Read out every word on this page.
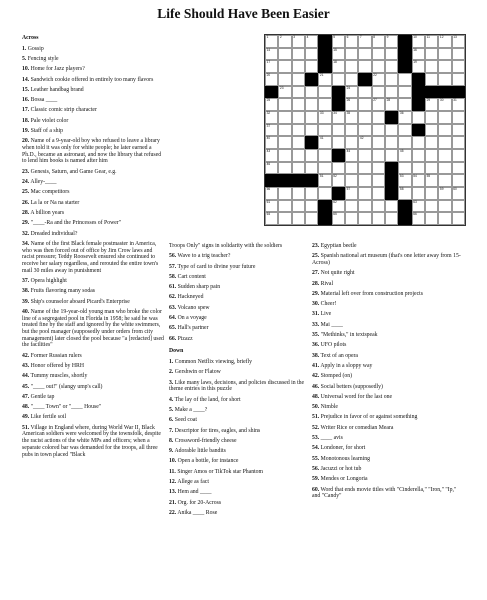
Life Should Have Been Easier
1	2	3	4	5	6	7	8	9	10	11	12	13
14	15	16
17	18	19
20	21	22
23	24
25	26	27	28	29	30	31
32	33	34	35	36
37
40	41	42
43	44	45
46
51	52	53	54	55
56	57	58	59	60
61	62	63
64	65	66
Across
1. Gossip
5. Fencing style
10. Home for Jazz players?
14. Sandwich cookie offered in entirely too many flavors
15. Leather handbag brand
16. Bossa ____
17. Classic comic strip character
18. Pale violet color
19. Staff of a ship
20. Name of a 9-year-old boy who refused to leave a library when told it was only for white people; he later earned a Ph.D., became an astronaut, and now the library that refused to lend him books is named after him
23. Genesis, Saturn, and Game Gear, e.g.
24. Alley-____
25. Mac competitors
26. La la or Na na starter
28. A billion years
29. "____-Ra and the Princesses of Power"
32. Dreaded individual?
34. Name of the first Black female postmaster in America, who was then forced out of office by Jim Crow laws and racist pressure; Teddy Roosevelt ensured she continued to receive her salary regardless, and rerouted the entire town's mail 30 miles away in punishment
37. Opera highlight
38. Fruits flavoring many sodas
39. Ship's counselor aboard Picard's Enterprise
40. Name of the 19-year-old young man who broke the color line of a segregated pool in Florida in 1958; he said he was treated fine by the staff and ignored by the white swimmers, but the pool manager (supposedly under orders from city management) later closed the pool because "a [redacted] used the facilities"
42. Former Russian rulers
43. Honor offered by HRH
44. Tummy muscles, shortly
45. "____ out!" (slangy ump's call)
47. Gentle tap
48. "____ Town" or "____ House"
49. Like fertile soil
51. Village in England where, during World War II, Black American soldiers were welcomed by the townsfolk, despite the racist actions of the white MPs and officers; when a separate colored bar was demanded for the troops, all three pubs in town placed "Black
Troops Only" signs in solidarity with the soldiers
56. Wave to a trig teacher?
57. Type of card to divine your future
58. Cart content
61. Sudden sharp pain
62. Hackneyed
63. Volcano spew
64. On a voyage
65. Hall's partner
66. Pizazz
Down
1. Common Netflix viewing, briefly
2. Gershwin or Flatow
3. Like many laws, decisions, and policies discussed in the theme entries in this puzzle
4. The lay of the land, for short
5. Make a ____?
6. Seed coat
7. Descriptor for tires, eagles, and shins
8. Crossword-friendly cheese
9. Adorable little bandits
10. Open a bottle, for instance
11. Singer Amos or TikTok star Phantom
12. Allege as fact
13. Hem and ____
21. Org. for 20-Across
22. Anika ____ Rose
23. Egyptian beetle
25. Spanish national art museum (that's one letter away from 15-Across)
27. Not quite right
28. Rival
29. Material left over from construction projects
30. Cheer!
31. Live
33. Mai ____
35. "Methinks," in textspeak
36. UFO pilots
38. Text of an opera
41. Apply in a sloppy way
42. Stomped (on)
46. Social betters (supposedly)
48. Universal word for the last one
50. Nimble
51. Prejudice in favor of or against something
52. Writer Rice or comedian Meara
53. ____ avis
54. Londoner, for short
55. Monotonous learning
56. Jacuzzi or hot tub
59. Mendes or Longoria
60. Word that ends movie titles with "Cinderella," "Iron," "Ip," and "Candy"
